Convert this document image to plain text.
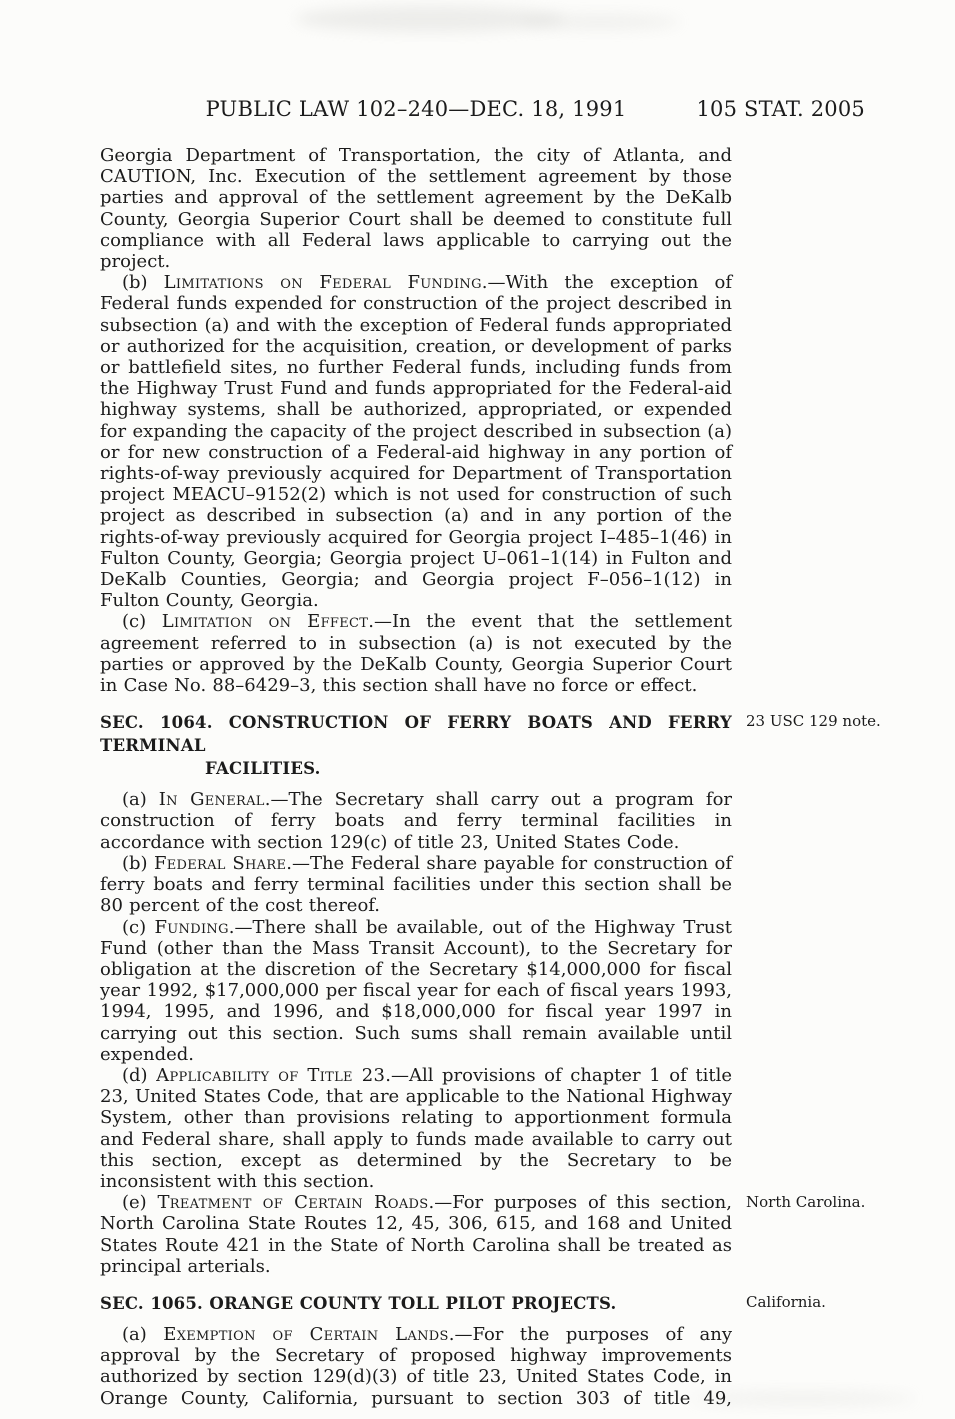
PUBLIC LAW 102–240—DEC. 18, 1991	105 STAT. 2005

Georgia Department of Transportation, the city of Atlanta, and CAUTION, Inc. Execution of the settlement agreement by those parties and approval of the settlement agreement by the DeKalb County, Georgia Superior Court shall be deemed to constitute full compliance with all Federal laws applicable to carrying out the project.

(b) Limitations on Federal Funding.—With the exception of Federal funds expended for construction of the project described in subsection (a) and with the exception of Federal funds appropriated or authorized for the acquisition, creation, or development of parks or battlefield sites, no further Federal funds, including funds from the Highway Trust Fund and funds appropriated for the Federal-aid highway systems, shall be authorized, appropriated, or expended for expanding the capacity of the project described in subsection (a) or for new construction of a Federal-aid highway in any portion of rights-of-way previously acquired for Department of Transportation project MEACU–9152(2) which is not used for construction of such project as described in subsection (a) and in any portion of the rights-of-way previously acquired for Georgia project I–485–1(46) in Fulton County, Georgia; Georgia project U–061–1(14) in Fulton and DeKalb Counties, Georgia; and Georgia project F–056–1(12) in Fulton County, Georgia.

(c) Limitation on Effect.—In the event that the settlement agreement referred to in subsection (a) is not executed by the parties or approved by the DeKalb County, Georgia Superior Court in Case No. 88–6429–3, this section shall have no force or effect.

SEC. 1064. CONSTRUCTION OF FERRY BOATS AND FERRY TERMINAL
FACILITIES.
23 USC 129 note.

(a) In General.—The Secretary shall carry out a program for construction of ferry boats and ferry terminal facilities in accordance with section 129(c) of title 23, United States Code.

(b) Federal Share.—The Federal share payable for construction of ferry boats and ferry terminal facilities under this section shall be 80 percent of the cost thereof.

(c) Funding.—There shall be available, out of the Highway Trust Fund (other than the Mass Transit Account), to the Secretary for obligation at the discretion of the Secretary $14,000,000 for fiscal year 1992, $17,000,000 per fiscal year for each of fiscal years 1993, 1994, 1995, and 1996, and $18,000,000 for fiscal year 1997 in carrying out this section. Such sums shall remain available until expended.

(d) Applicability of Title 23.—All provisions of chapter 1 of title 23, United States Code, that are applicable to the National Highway System, other than provisions relating to apportionment formula and Federal share, shall apply to funds made available to carry out this section, except as determined by the Secretary to be inconsistent with this section.

(e) Treatment of Certain Roads.—For purposes of this section, North Carolina State Routes 12, 45, 306, 615, and 168 and United States Route 421 in the State of North Carolina shall be treated as principal arterials.
North Carolina.

SEC. 1065. ORANGE COUNTY TOLL PILOT PROJECTS.	California.

(a) Exemption of Certain Lands.—For the purposes of any approval by the Secretary of proposed highway improvements authorized by section 129(d)(3) of title 23, United States Code, in Orange County, California, pursuant to section 303 of title 49,
